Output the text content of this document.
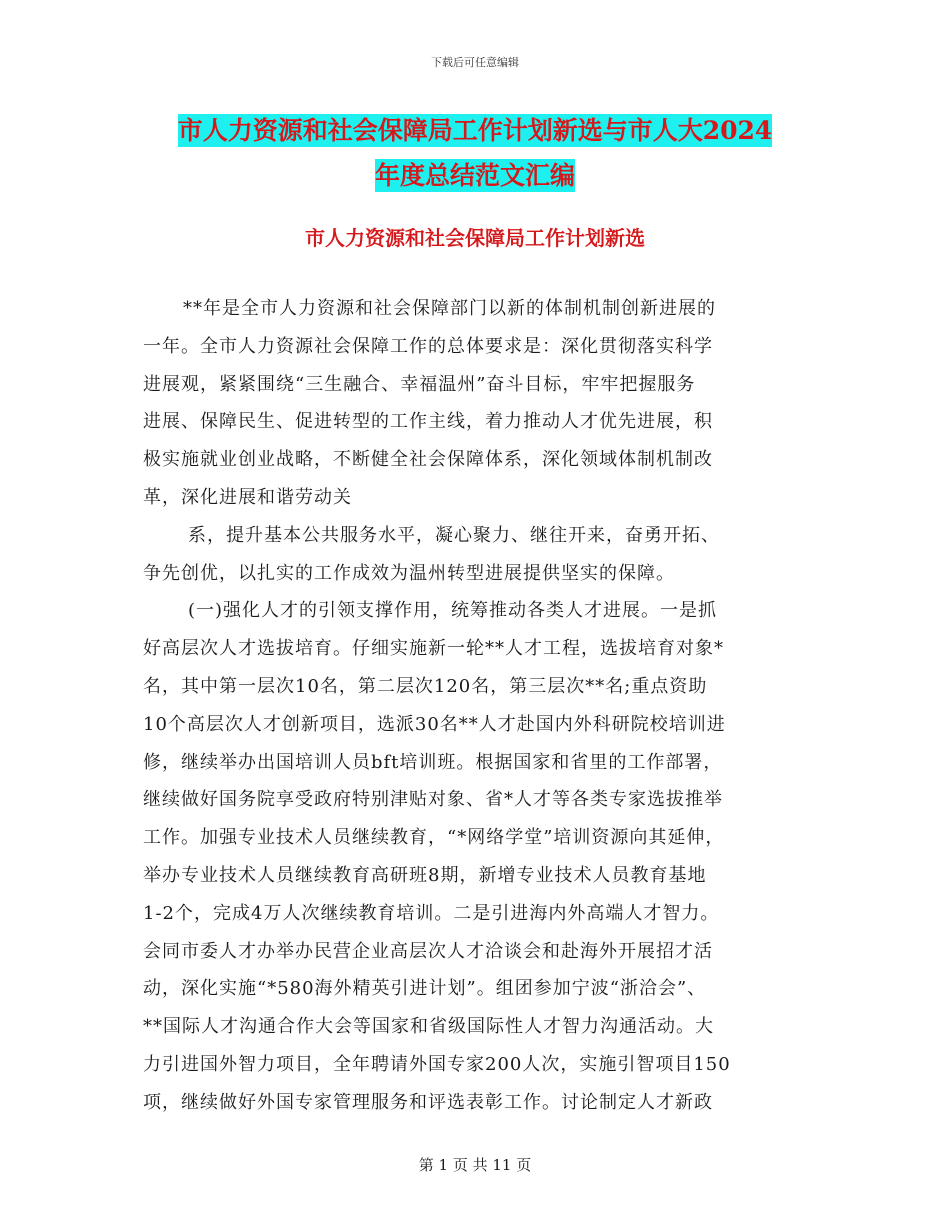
下载后可任意编辑
市人力资源和社会保障局工作计划新选与市人大2024
年度总结范文汇编
市人力资源和社会保障局工作计划新选

**年是全市人力资源和社会保障部门以新的体制机制创新进展的

一年。全市人力资源社会保障工作的总体要求是：深化贯彻落实科学

进展观，紧紧围绕“三生融合、幸福温州”奋斗目标，牢牢把握服务

进展、保障民生、促进转型的工作主线，着力推动人才优先进展，积

极实施就业创业战略，不断健全社会保障体系，深化领域体制机制改

革，深化进展和谐劳动关

系，提升基本公共服务水平，凝心聚力、继往开来，奋勇开拓、

争先创优，以扎实的工作成效为温州转型进展提供坚实的保障。

(一)强化人才的引领支撑作用，统筹推动各类人才进展。一是抓

好高层次人才选拔培育。仔细实施新一轮**人才工程，选拔培育对象*

名，其中第一层次10名，第二层次120名，第三层次**名;重点资助

10个高层次人才创新项目，选派30名**人才赴国内外科研院校培训进

修，继续举办出国培训人员bft培训班。根据国家和省里的工作部署，

继续做好国务院享受政府特别津贴对象、省*人才等各类专家选拔推举

工作。加强专业技术人员继续教育，“*网络学堂”培训资源向其延伸，

举办专业技术人员继续教育高研班8期，新增专业技术人员教育基地

1-2个，完成4万人次继续教育培训。二是引进海内外高端人才智力。

会同市委人才办举办民营企业高层次人才洽谈会和赴海外开展招才活

动，深化实施“*580海外精英引进计划”。组团参加宁波“浙洽会”、

**国际人才沟通合作大会等国家和省级国际性人才智力沟通活动。大

力引进国外智力项目，全年聘请外国专家200人次，实施引智项目150

项，继续做好外国专家管理服务和评选表彰工作。讨论制定人才新政

第 1 页 共 11 页
